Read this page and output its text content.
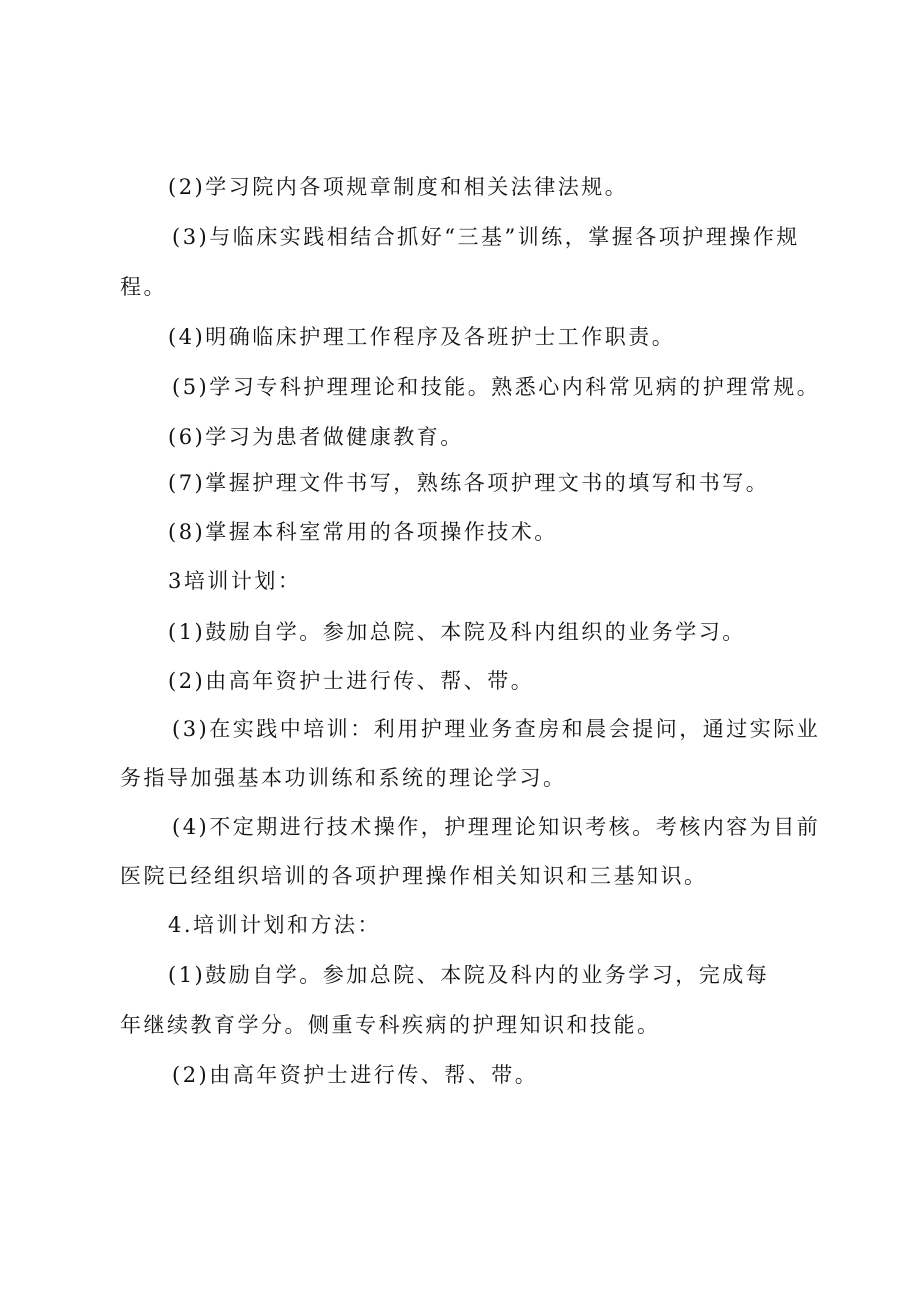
(2)学习院内各项规章制度和相关法律法规。

(3)与临床实践相结合抓好“三基”训练，掌握各项护理操作规

程。

(4)明确临床护理工作程序及各班护士工作职责。

(5)学习专科护理理论和技能。熟悉心内科常见病的护理常规。

(6)学习为患者做健康教育。

(7)掌握护理文件书写，熟练各项护理文书的填写和书写。

(8)掌握本科室常用的各项操作技术。

3培训计划：

(1)鼓励自学。参加总院、本院及科内组织的业务学习。

(2)由高年资护士进行传、帮、带。

(3)在实践中培训：利用护理业务查房和晨会提问，通过实际业

务指导加强基本功训练和系统的理论学习。

(4)不定期进行技术操作，护理理论知识考核。考核内容为目前

医院已经组织培训的各项护理操作相关知识和三基知识。

4.培训计划和方法：

(1)鼓励自学。参加总院、本院及科内的业务学习，完成每

年继续教育学分。侧重专科疾病的护理知识和技能。

(2)由高年资护士进行传、帮、带。
